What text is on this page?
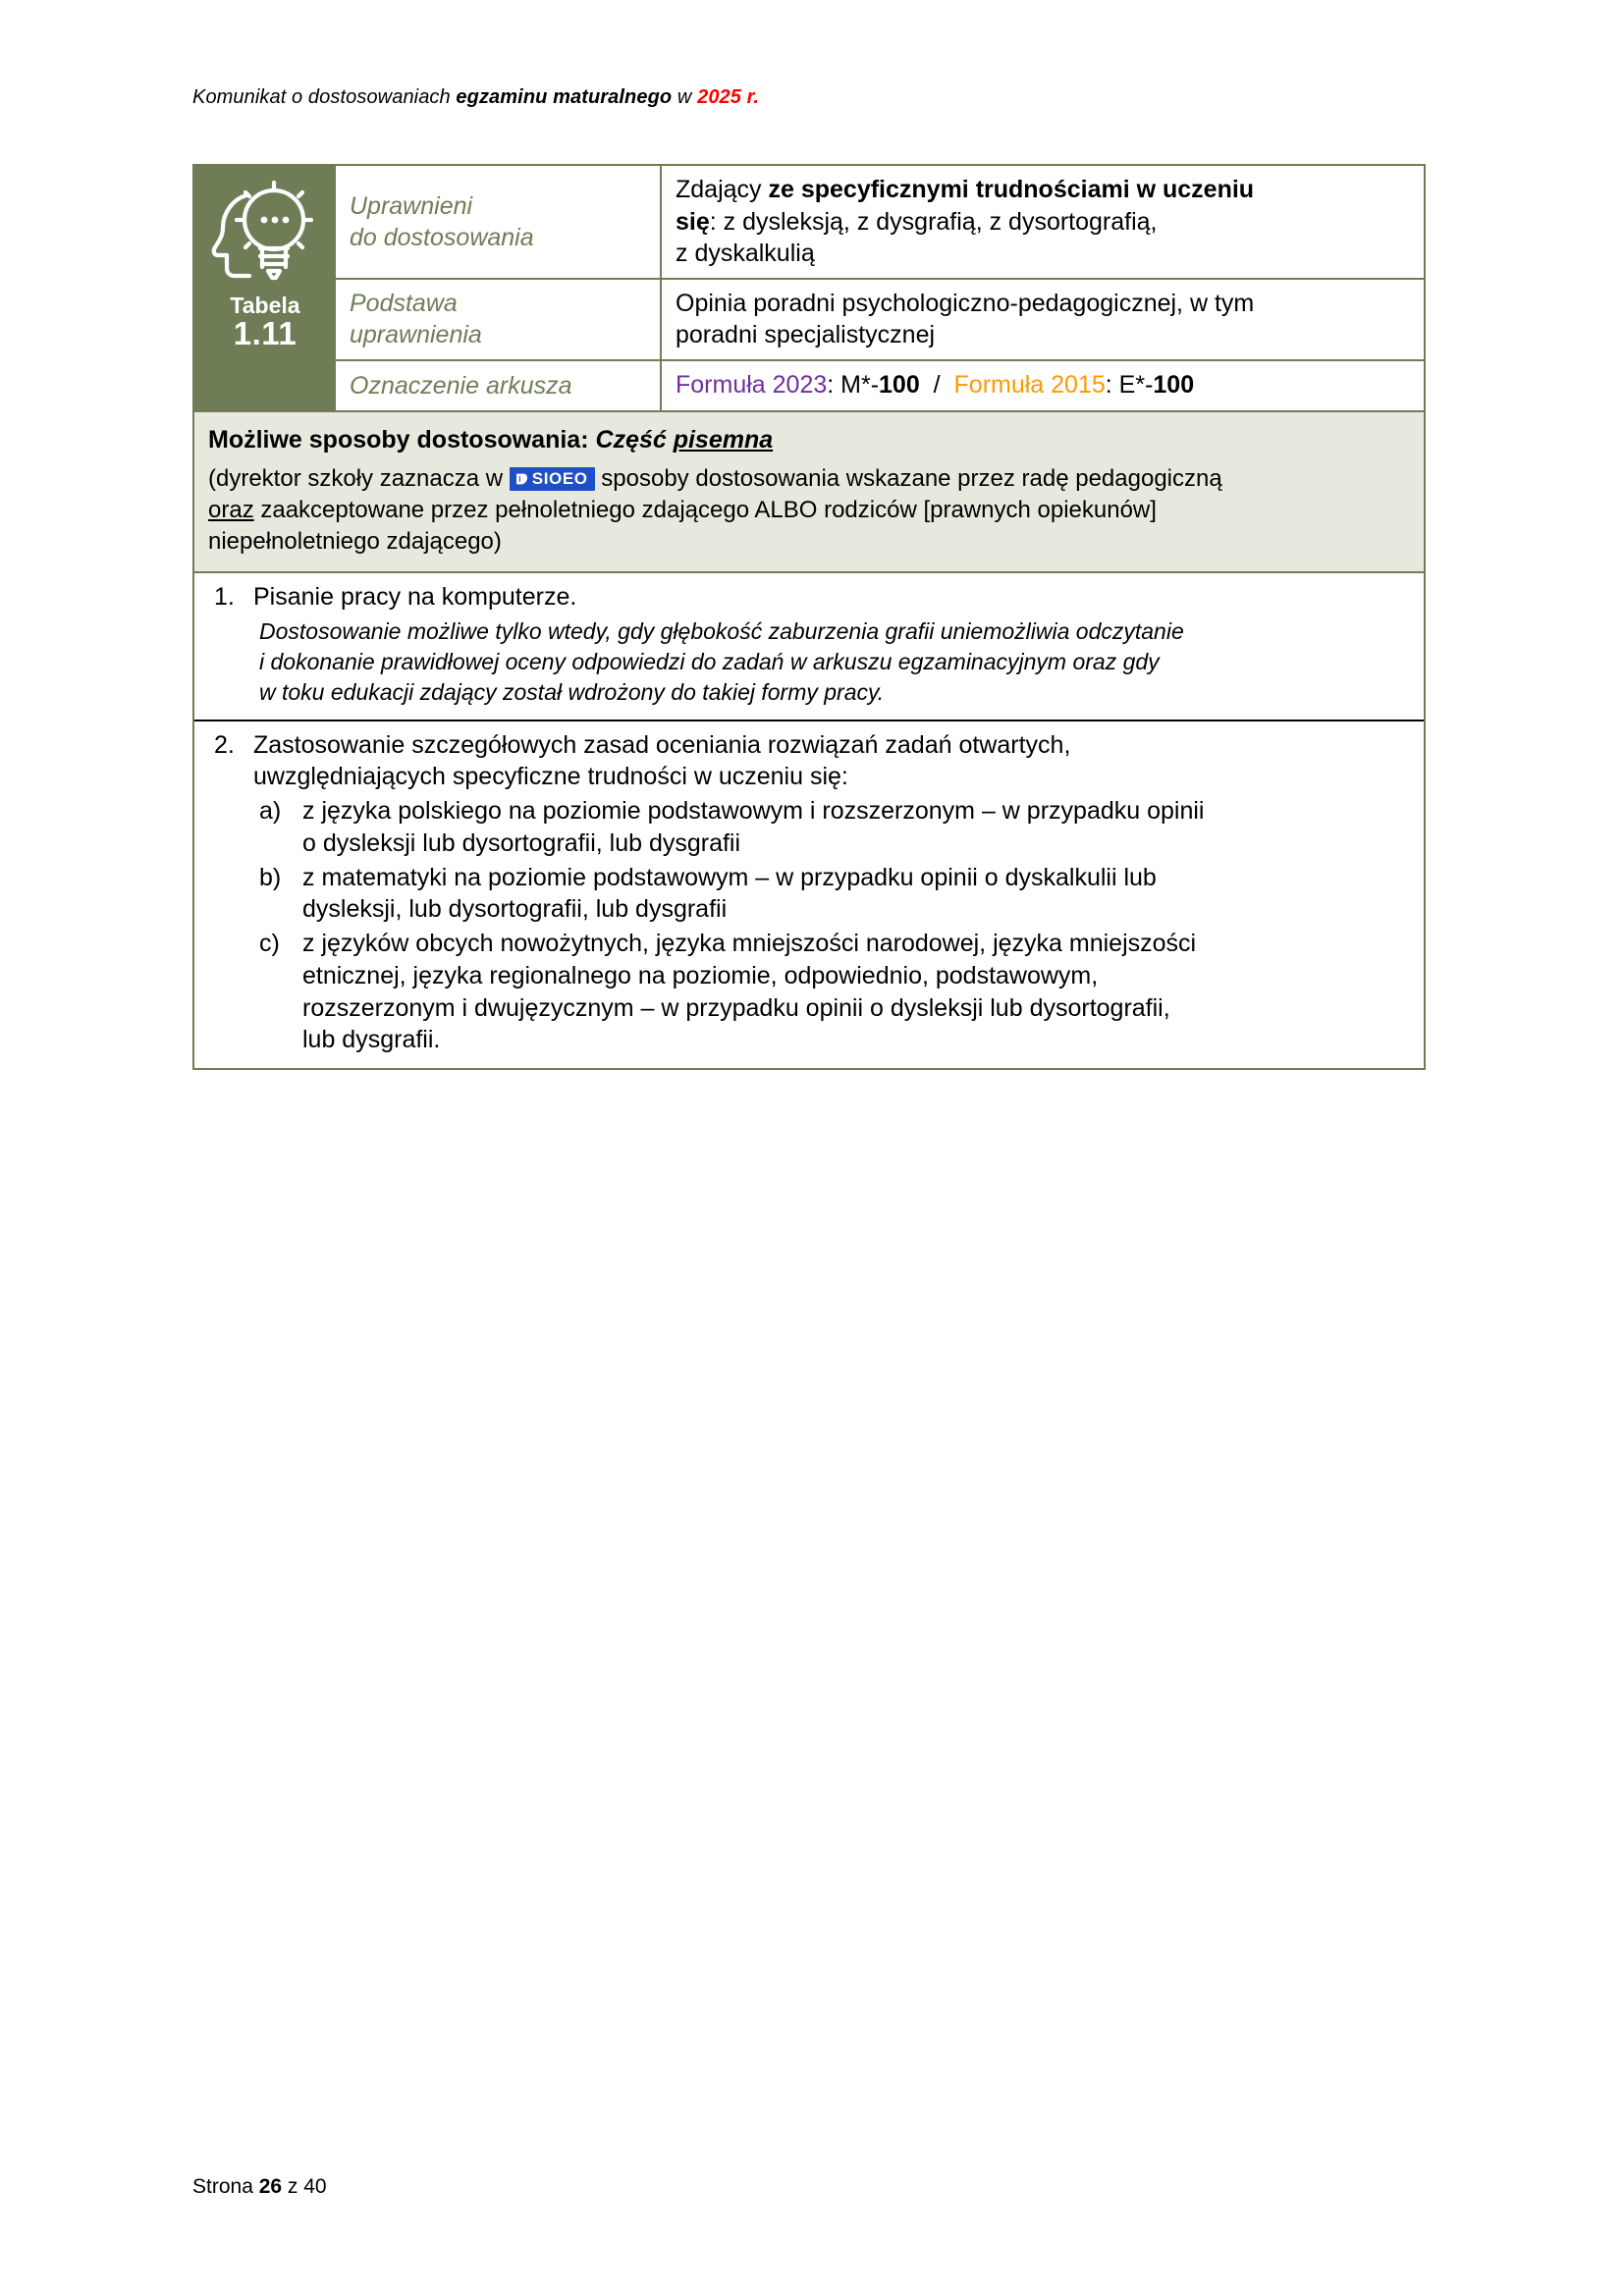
Komunikat o dostosowaniach egzaminu maturalnego w 2025 r.
Tabela
1.11
Uprawnieni
do dostosowania
Zdający ze specyficznymi trudnościami w uczeniu
się: z dysleksją, z dysgrafią, z dysortografią,
z dyskalkulią
Podstawa
uprawnienia
Opinia poradni psychologiczno-pedagogicznej, w tym
poradni specjalistycznej
Oznaczenie arkusza	Formuła 2023: M*-100 / Formuła 2015: E*-100
Możliwe sposoby dostosowania: Część pisemna
(dyrektor szkoły zaznacza w SIOEO sposoby dostosowania wskazane przez radę pedagogiczną
oraz zaakceptowane przez pełnoletniego zdającego ALBO rodziców [prawnych opiekunów]
niepełnoletniego zdającego)
1. Pisanie pracy na komputerze.
Dostosowanie możliwe tylko wtedy, gdy głębokość zaburzenia grafii uniemożliwia odczytanie
i dokonanie prawidłowej oceny odpowiedzi do zadań w arkuszu egzaminacyjnym oraz gdy
w toku edukacji zdający został wdrożony do takiej formy pracy.
2. Zastosowanie szczegółowych zasad oceniania rozwiązań zadań otwartych,
uwzględniających specyficzne trudności w uczeniu się:
a) z języka polskiego na poziomie podstawowym i rozszerzonym – w przypadku opinii
o dysleksji lub dysortografii, lub dysgrafii
b) z matematyki na poziomie podstawowym – w przypadku opinii o dyskalkulii lub
dysleksji, lub dysortografii, lub dysgrafii
c) z języków obcych nowożytnych, języka mniejszości narodowej, języka mniejszości
etnicznej, języka regionalnego na poziomie, odpowiednio, podstawowym,
rozszerzonym i dwujęzycznym – w przypadku opinii o dysleksji lub dysortografii,
lub dysgrafii.
Strona 26 z 40
